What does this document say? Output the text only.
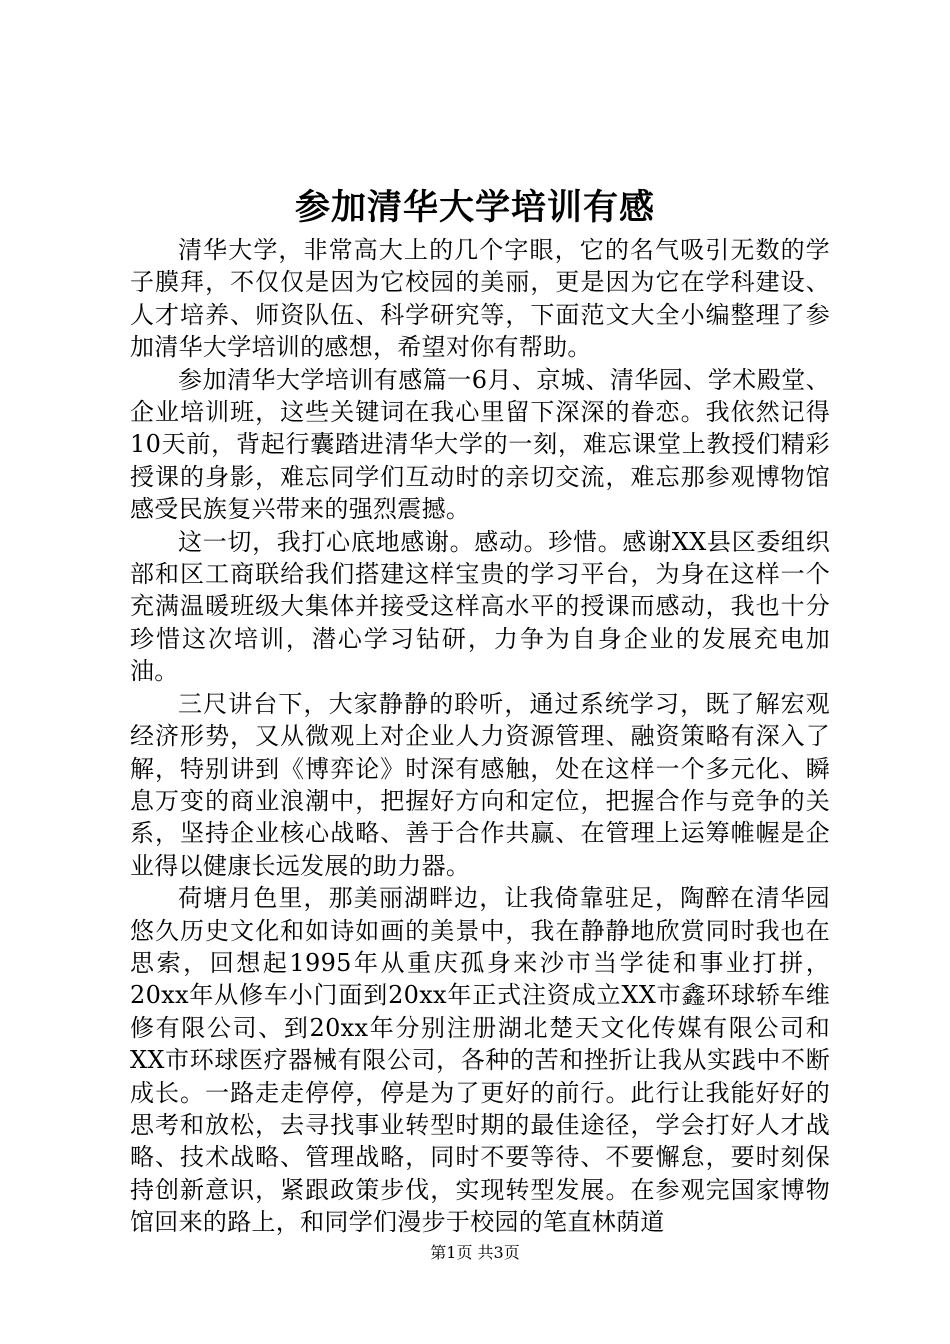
参加清华大学培训有感

清华大学，非常高大上的几个字眼，它的名气吸引无数的学子膜拜，不仅仅是因为它校园的美丽，更是因为它在学科建设、人才培养、师资队伍、科学研究等，下面范文大全小编整理了参加清华大学培训的感想，希望对你有帮助。

参加清华大学培训有感篇一6月、京城、清华园、学术殿堂、企业培训班，这些关键词在我心里留下深深的眷恋。我依然记得10天前，背起行囊踏进清华大学的一刻，难忘课堂上教授们精彩授课的身影，难忘同学们互动时的亲切交流，难忘那参观博物馆感受民族复兴带来的强烈震撼。

这一切，我打心底地感谢。感动。珍惜。感谢XX县区委组织部和区工商联给我们搭建这样宝贵的学习平台，为身在这样一个充满温暖班级大集体并接受这样高水平的授课而感动，我也十分珍惜这次培训，潜心学习钻研，力争为自身企业的发展充电加油。

三尺讲台下，大家静静的聆听，通过系统学习，既了解宏观经济形势，又从微观上对企业人力资源管理、融资策略有深入了解，特别讲到《博弈论》时深有感触，处在这样一个多元化、瞬息万变的商业浪潮中，把握好方向和定位，把握合作与竞争的关系，坚持企业核心战略、善于合作共赢、在管理上运筹帷幄是企业得以健康长远发展的助力器。

荷塘月色里，那美丽湖畔边，让我倚靠驻足，陶醉在清华园悠久历史文化和如诗如画的美景中，我在静静地欣赏同时我也在思索，回想起1995年从重庆孤身来沙市当学徒和事业打拼，20xx年从修车小门面到20xx年正式注资成立XX市鑫环球轿车维修有限公司、到20xx年分别注册湖北楚天文化传媒有限公司和XX市环球医疗器械有限公司，各种的苦和挫折让我从实践中不断成长。一路走走停停，停是为了更好的前行。此行让我能好好的思考和放松，去寻找事业转型时期的最佳途径，学会打好人才战略、技术战略、管理战略，同时不要等待、不要懈怠，要时刻保持创新意识，紧跟政策步伐，实现转型发展。在参观完国家博物馆回来的路上，和同学们漫步于校园的笔直林荫道

第1页 共3页
